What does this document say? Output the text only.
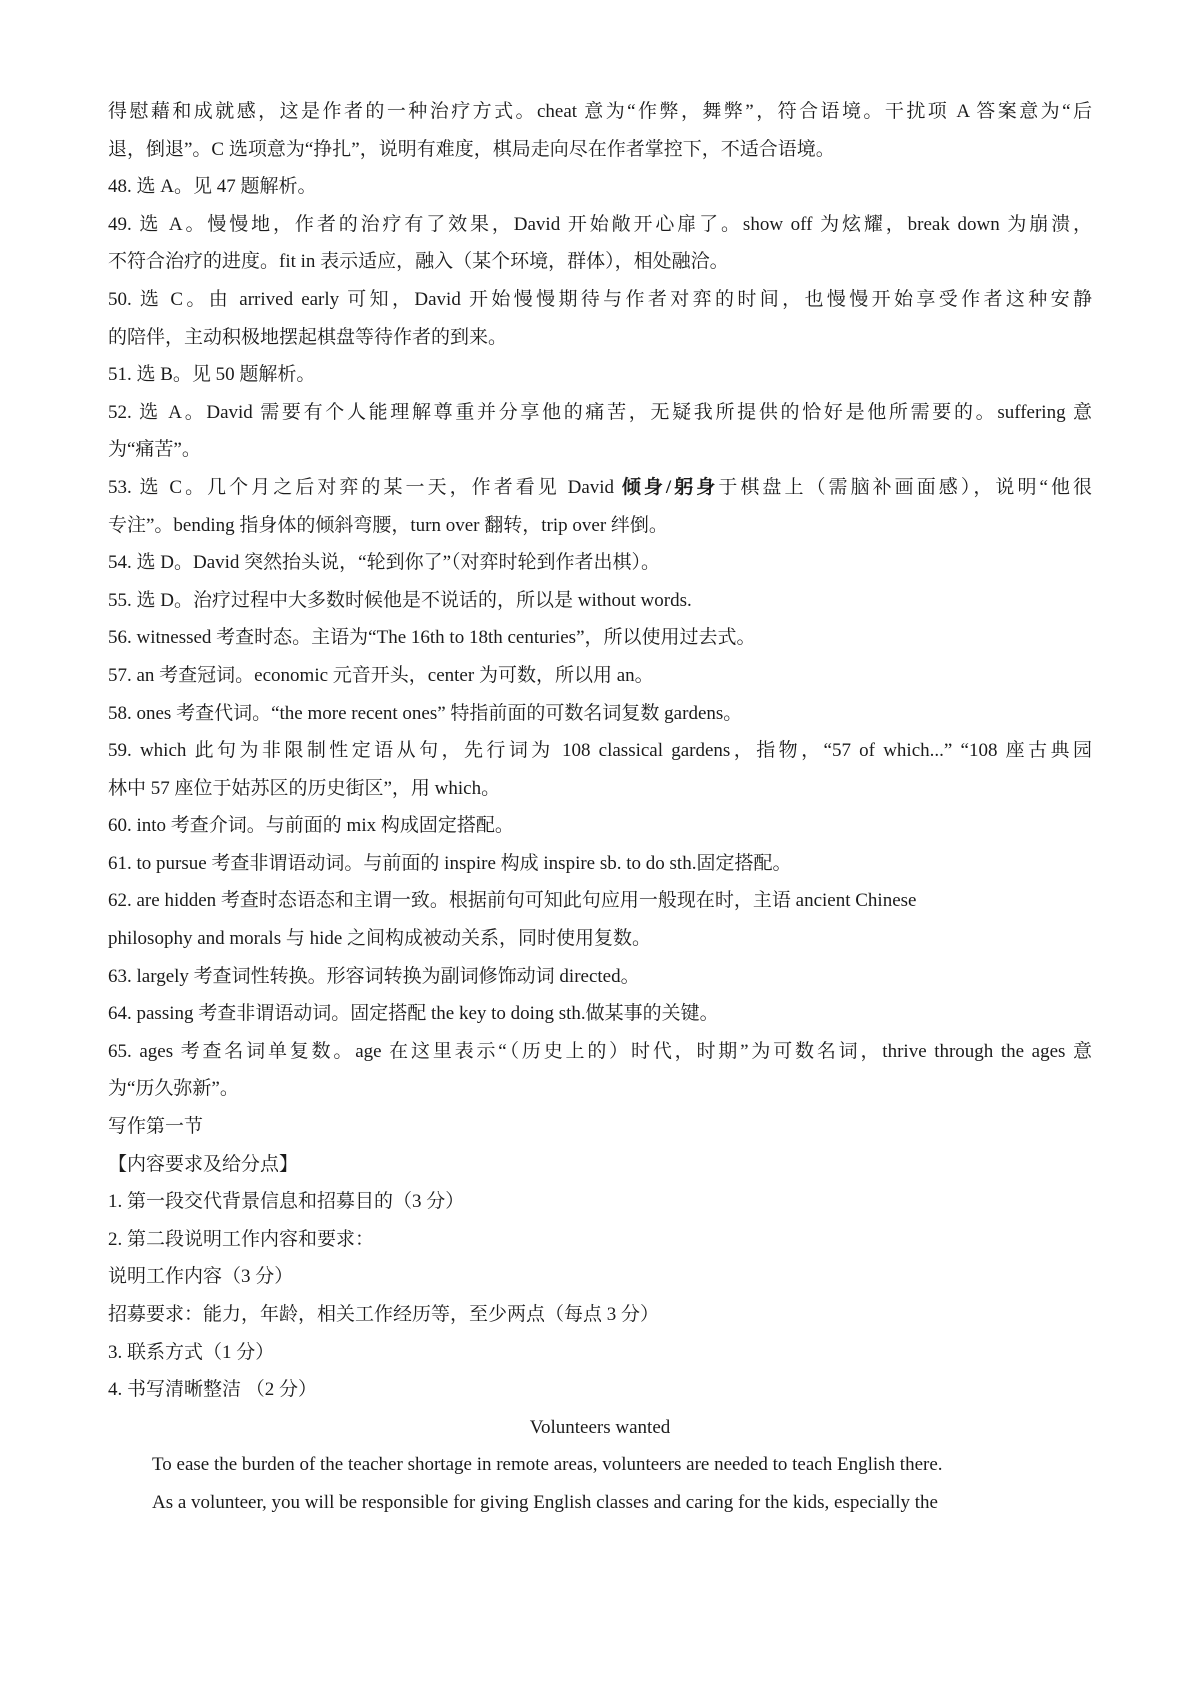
得慰藉和成就感，这是作者的一种治疗方式。cheat 意为“作弊，舞弊”，符合语境。干扰项 A 答案意为“后
退，倒退”。C 选项意为“挣扎”，说明有难度，棋局走向尽在作者掌控下，不适合语境。
48. 选 A。见 47 题解析。
49. 选 A。慢慢地，作者的治疗有了效果，David 开始敞开心扉了。show off 为炫耀，break down 为崩溃，
不符合治疗的进度。fit in 表示适应，融入（某个环境，群体），相处融洽。
50. 选 C。由 arrived early 可知，David 开始慢慢期待与作者对弈的时间，也慢慢开始享受作者这种安静
的陪伴，主动积极地摆起棋盘等待作者的到来。
51. 选 B。见 50 题解析。
52. 选 A。David 需要有个人能理解尊重并分享他的痛苦，无疑我所提供的恰好是他所需要的。suffering 意
为“痛苦”。
53. 选 C。几个月之后对弈的某一天，作者看见 David 倾身/躬身于棋盘上（需脑补画面感），说明“他很
专注”。bending 指身体的倾斜弯腰，turn over 翻转，trip over 绊倒。
54. 选 D。David 突然抬头说，“轮到你了”（对弈时轮到作者出棋）。
55. 选 D。治疗过程中大多数时候他是不说话的，所以是 without words.
56. witnessed 考查时态。主语为“The 16th to 18th centuries”，所以使用过去式。
57. an 考查冠词。economic 元音开头，center 为可数，所以用 an。
58. ones 考查代词。“the more recent ones” 特指前面的可数名词复数 gardens。
59. which 此句为非限制性定语从句，先行词为 108 classical gardens，指物，“57 of which...” “108 座古典园
林中 57 座位于姑苏区的历史街区”，用 which。
60. into 考查介词。与前面的 mix 构成固定搭配。
61. to pursue 考查非谓语动词。与前面的 inspire 构成 inspire sb. to do sth.固定搭配。
62. are hidden 考查时态语态和主谓一致。根据前句可知此句应用一般现在时，主语 ancient Chinese
philosophy and morals 与 hide 之间构成被动关系，同时使用复数。
63. largely 考查词性转换。形容词转换为副词修饰动词 directed。
64. passing 考查非谓语动词。固定搭配 the key to doing sth.做某事的关键。
65. ages 考查名词单复数。age 在这里表示“（历史上的）时代，时期”为可数名词，thrive through the ages 意
为“历久弥新”。
写作第一节
【内容要求及给分点】
1. 第一段交代背景信息和招募目的（3 分）
2. 第二段说明工作内容和要求：
说明工作内容（3 分）
招募要求：能力，年龄，相关工作经历等，至少两点（每点 3 分）
3. 联系方式（1 分）
4. 书写清晰整洁 （2 分）
Volunteers wanted
To ease the burden of the teacher shortage in remote areas, volunteers are needed to teach English there.
As a volunteer, you will be responsible for giving English classes and caring for the kids, especially the
